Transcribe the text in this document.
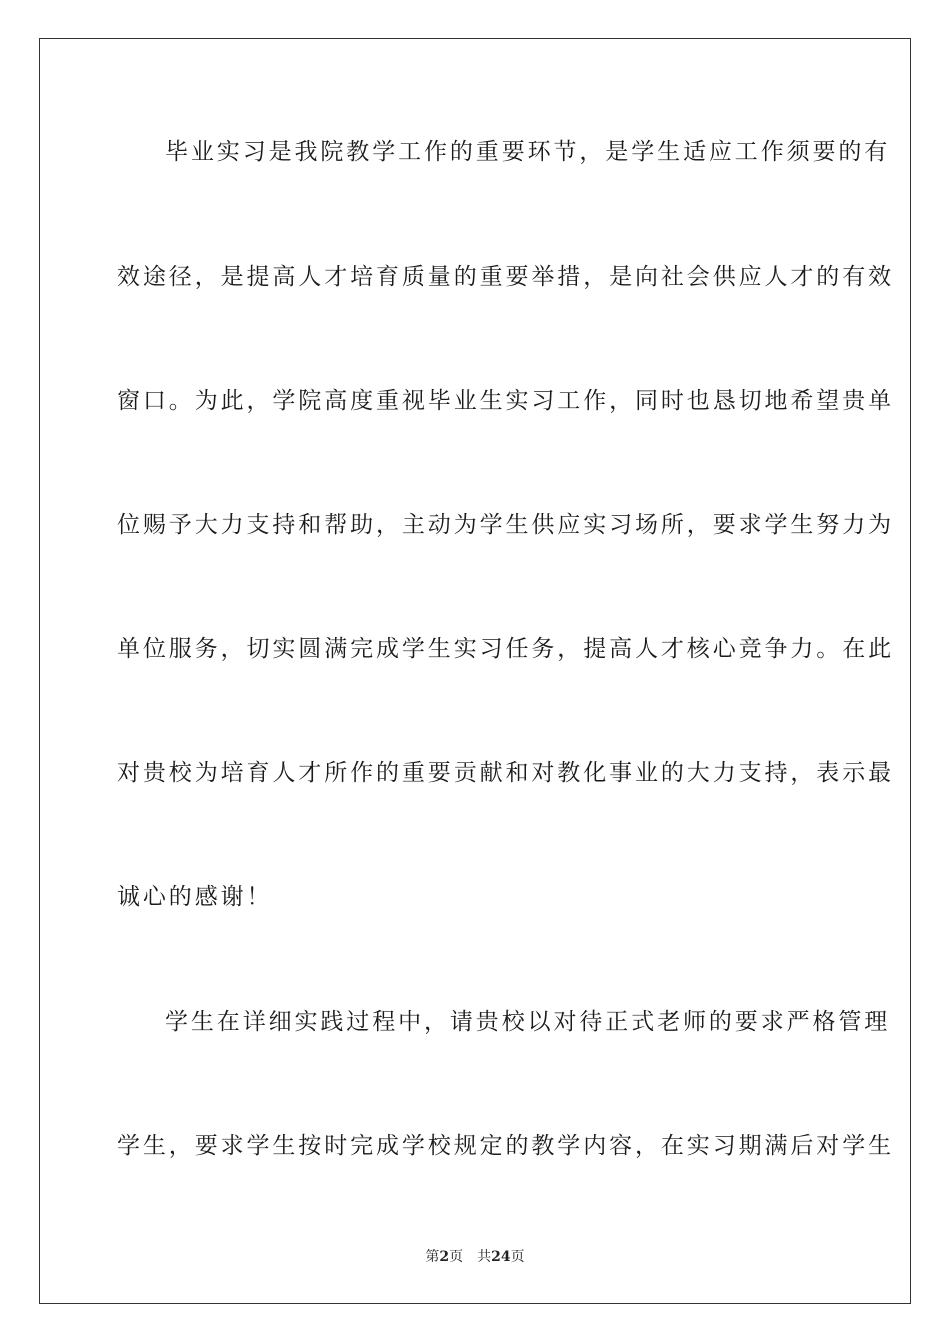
毕业实习是我院教学工作的重要环节，是学生适应工作须要的有
效途径，是提高人才培育质量的重要举措，是向社会供应人才的有效
窗口。为此，学院高度重视毕业生实习工作，同时也恳切地希望贵单
位赐予大力支持和帮助，主动为学生供应实习场所，要求学生努力为
单位服务，切实圆满完成学生实习任务，提高人才核心竞争力。在此
对贵校为培育人才所作的重要贡献和对教化事业的大力支持，表示最
诚心的感谢！
学生在详细实践过程中，请贵校以对待正式老师的要求严格管理
学生，要求学生按时完成学校规定的教学内容，在实习期满后对学生
第2页 共24页
